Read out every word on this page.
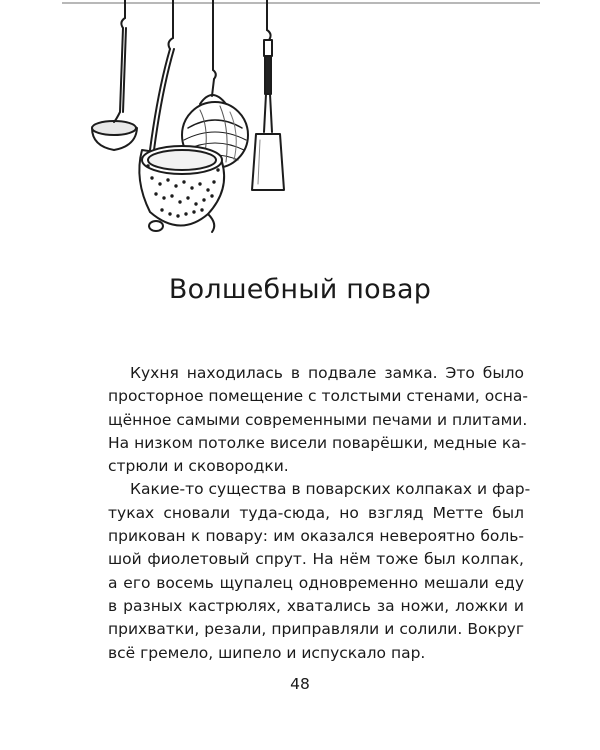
Волшебный повар

Кухня находилась в подвале замка. Это было
просторное помещение с толстыми стенами, осна-
щённое самыми современными печами и плитами.
На низком потолке висели поварёшки, медные ка-
стрюли и сковородки.

Какие-то существа в поварских колпаках и фар-
туках сновали туда-сюда, но взгляд Метте был
прикован к повару: им оказался невероятно боль-
шой фиолетовый спрут. На нём тоже был колпак,
а его восемь щупалец одновременно мешали еду
в разных кастрюлях, хватались за ножи, ложки и
прихватки, резали, приправляли и солили. Вокруг
всё гремело, шипело и испускало пар.

48
